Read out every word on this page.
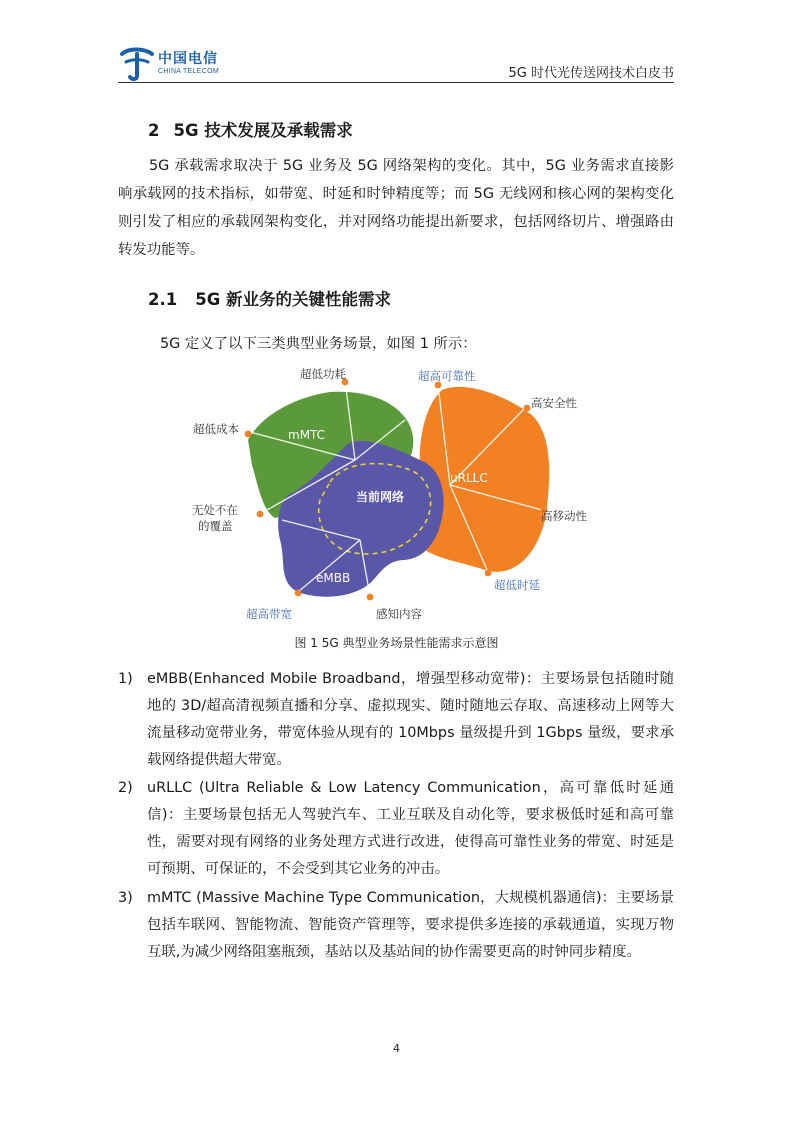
中国电信
CHINA TELECOM	5G 时代光传送网技术白皮书
2 5G 技术发展及承载需求
5G 承载需求取决于 5G 业务及 5G 网络架构的变化。其中，5G 业务需求直接影响承载网的技术指标，如带宽、时延和时钟精度等；而 5G 无线网和核心网的架构变化则引发了相应的承载网架构变化，并对网络功能提出新要求，包括网络切片、增强路由转发功能等。
2.1 5G 新业务的关键性能需求
5G 定义了以下三类典型业务场景，如图 1 所示：
超低功耗	超高可靠性
高安全性
超低成本
无处不在
的覆盖
高移动性
超低时延
超高带宽	感知内容
mMTC
uRLLC
eMBB
当前网络
图 1 5G 典型业务场景性能需求示意图
1) eMBB(Enhanced Mobile Broadband，增强型移动宽带)：主要场景包括随时随地的 3D/超高清视频直播和分享、虚拟现实、随时随地云存取、高速移动上网等大流量移动宽带业务，带宽体验从现有的 10Mbps 量级提升到 1Gbps 量级，要求承载网络提供超大带宽。
2) uRLLC (Ultra Reliable & Low Latency Communication，高可靠低时延通信)：主要场景包括无人驾驶汽车、工业互联及自动化等，要求极低时延和高可靠性，需要对现有网络的业务处理方式进行改进，使得高可靠性业务的带宽、时延是可预期、可保证的，不会受到其它业务的冲击。
3) mMTC (Massive Machine Type Communication，大规模机器通信)：主要场景包括车联网、智能物流、智能资产管理等，要求提供多连接的承载通道，实现万物互联,为减少网络阻塞瓶颈，基站以及基站间的协作需要更高的时钟同步精度。
4
